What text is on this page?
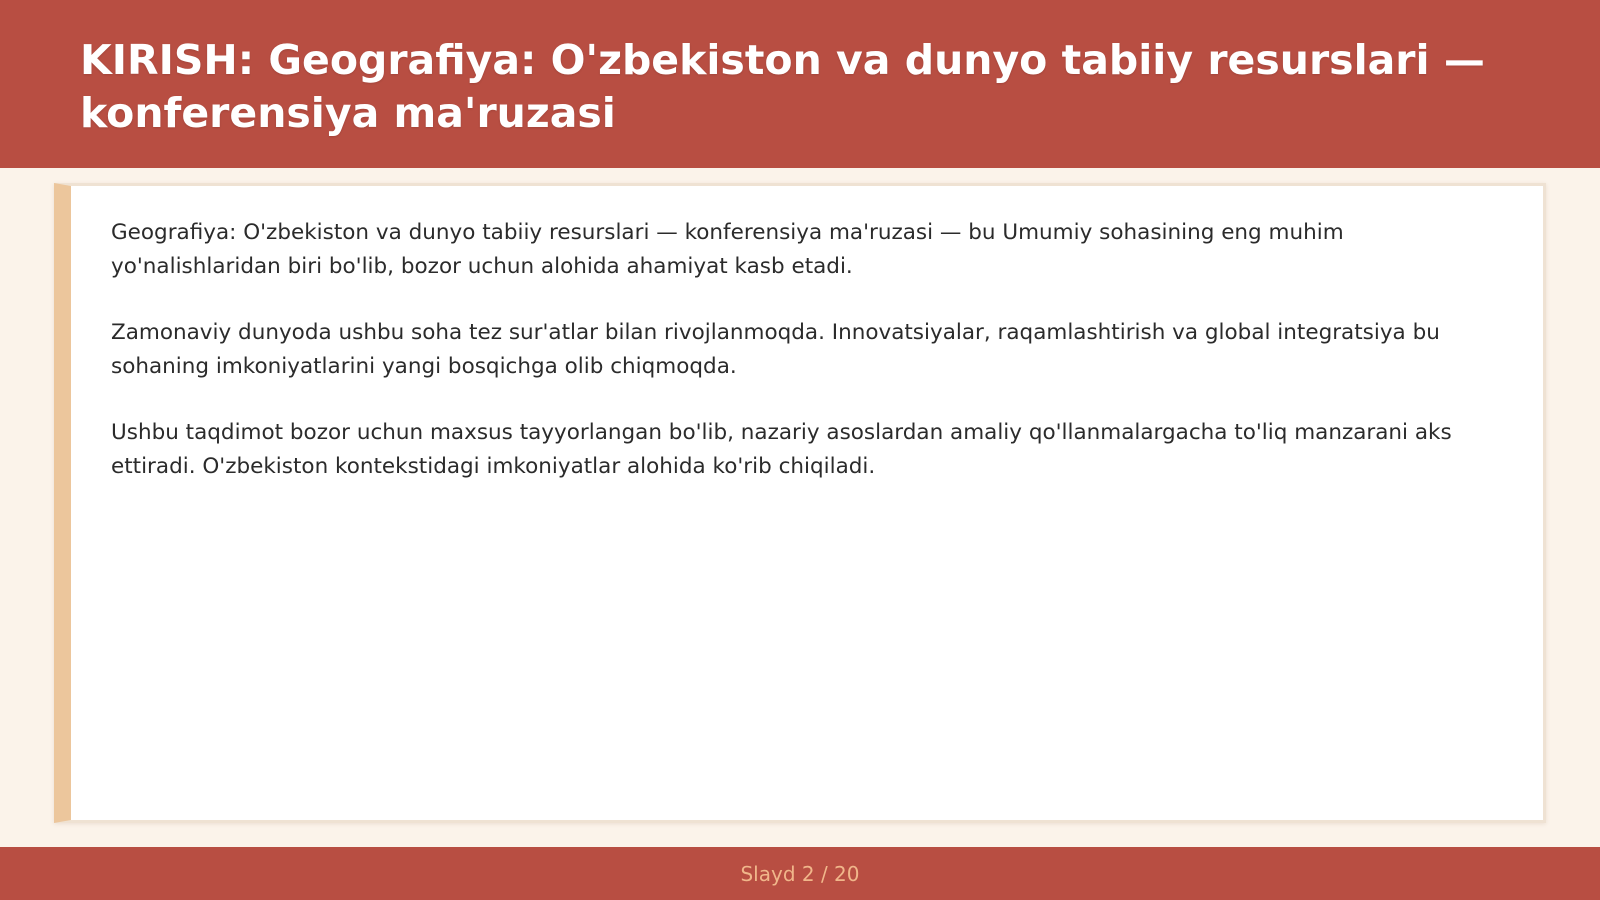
KIRISH: Geografiya: O'zbekiston va dunyo tabiiy resurslari — konferensiya ma'ruzasi

Geografiya: O'zbekiston va dunyo tabiiy resurslari — konferensiya ma'ruzasi — bu Umumiy sohasining eng muhim yo'nalishlaridan biri bo'lib, bozor uchun alohida ahamiyat kasb etadi.

Zamonaviy dunyoda ushbu soha tez sur'atlar bilan rivojlanmoqda. Innovatsiyalar, raqamlashtirish va global integratsiya bu sohaning imkoniyatlarini yangi bosqichga olib chiqmoqda.

Ushbu taqdimot bozor uchun maxsus tayyorlangan bo'lib, nazariy asoslardan amaliy qo'llanmalargacha to'liq manzarani aks ettiradi. O'zbekiston kontekstidagi imkoniyatlar alohida ko'rib chiqiladi.

Slayd 2 / 20
